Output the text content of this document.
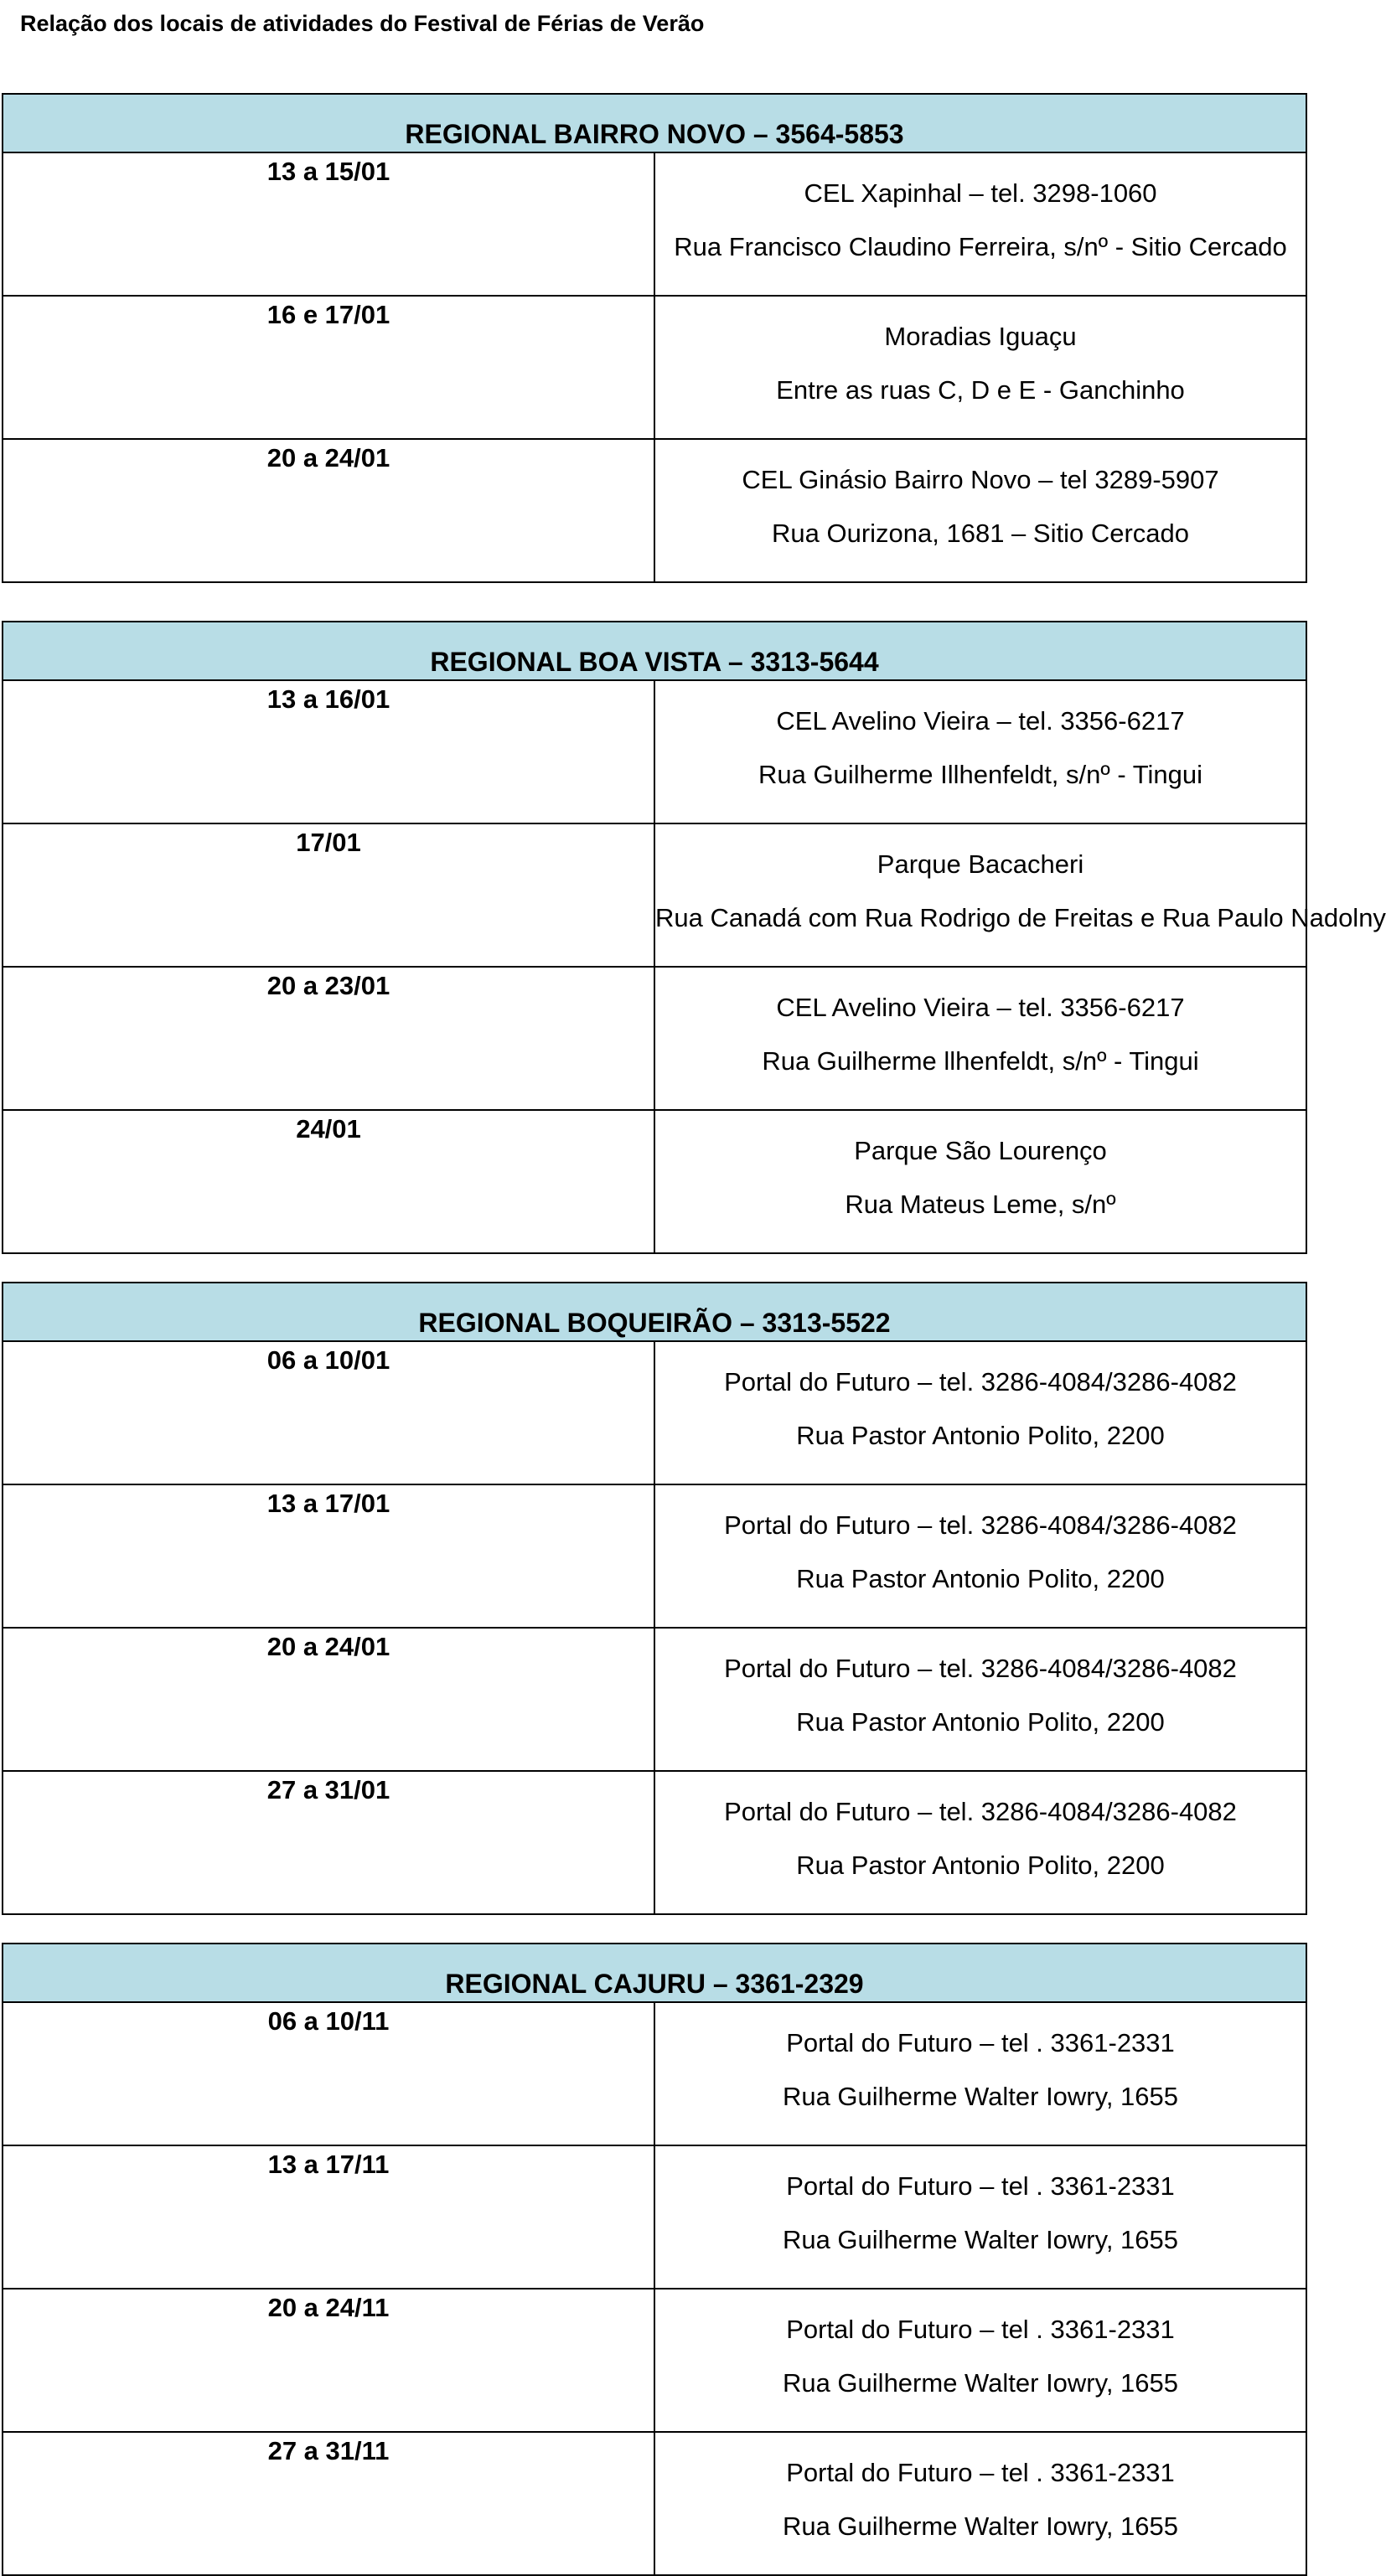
Relação dos locais de atividades do Festival de Férias de Verão
REGIONAL BAIRRO NOVO – 3564-5853	
13 a 15/01	CEL Xapinhal – tel. 3298-1060
Rua Francisco Claudino Ferreira, s/nº - Sitio Cercado

16 e 17/01	Moradias Iguaçu
Entre as ruas C, D e E - Ganchinho

20 a 24/01	CEL Ginásio Bairro Novo – tel 3289-5907
Rua Ourizona, 1681 – Sitio Cercado
REGIONAL BOA VISTA – 3313-5644	
13 a 16/01	CEL Avelino Vieira – tel. 3356-6217
Rua Guilherme Illhenfeldt, s/nº - Tingui

17/01	Parque Bacacheri
Rua Canadá com Rua Rodrigo de Freitas e Rua Paulo Nadolny

20 a 23/01	CEL Avelino Vieira – tel. 3356-6217
Rua Guilherme llhenfeldt, s/nº - Tingui

24/01	Parque São Lourenço
Rua Mateus Leme, s/nº
REGIONAL BOQUEIRÃO – 3313-5522	
06 a 10/01	Portal do Futuro – tel. 3286-4084/3286-4082
Rua Pastor Antonio Polito, 2200

13 a 17/01	Portal do Futuro – tel. 3286-4084/3286-4082
Rua Pastor Antonio Polito, 2200

20 a 24/01	Portal do Futuro – tel. 3286-4084/3286-4082
Rua Pastor Antonio Polito, 2200

27 a 31/01	Portal do Futuro – tel. 3286-4084/3286-4082
Rua Pastor Antonio Polito, 2200
REGIONAL CAJURU – 3361-2329	
06 a 10/11	Portal do Futuro – tel . 3361-2331
Rua Guilherme Walter Iowry, 1655

13 a 17/11	Portal do Futuro – tel . 3361-2331
Rua Guilherme Walter Iowry, 1655

20 a 24/11	Portal do Futuro – tel . 3361-2331
Rua Guilherme Walter Iowry, 1655

27 a 31/11	Portal do Futuro – tel . 3361-2331
Rua Guilherme Walter Iowry, 1655
